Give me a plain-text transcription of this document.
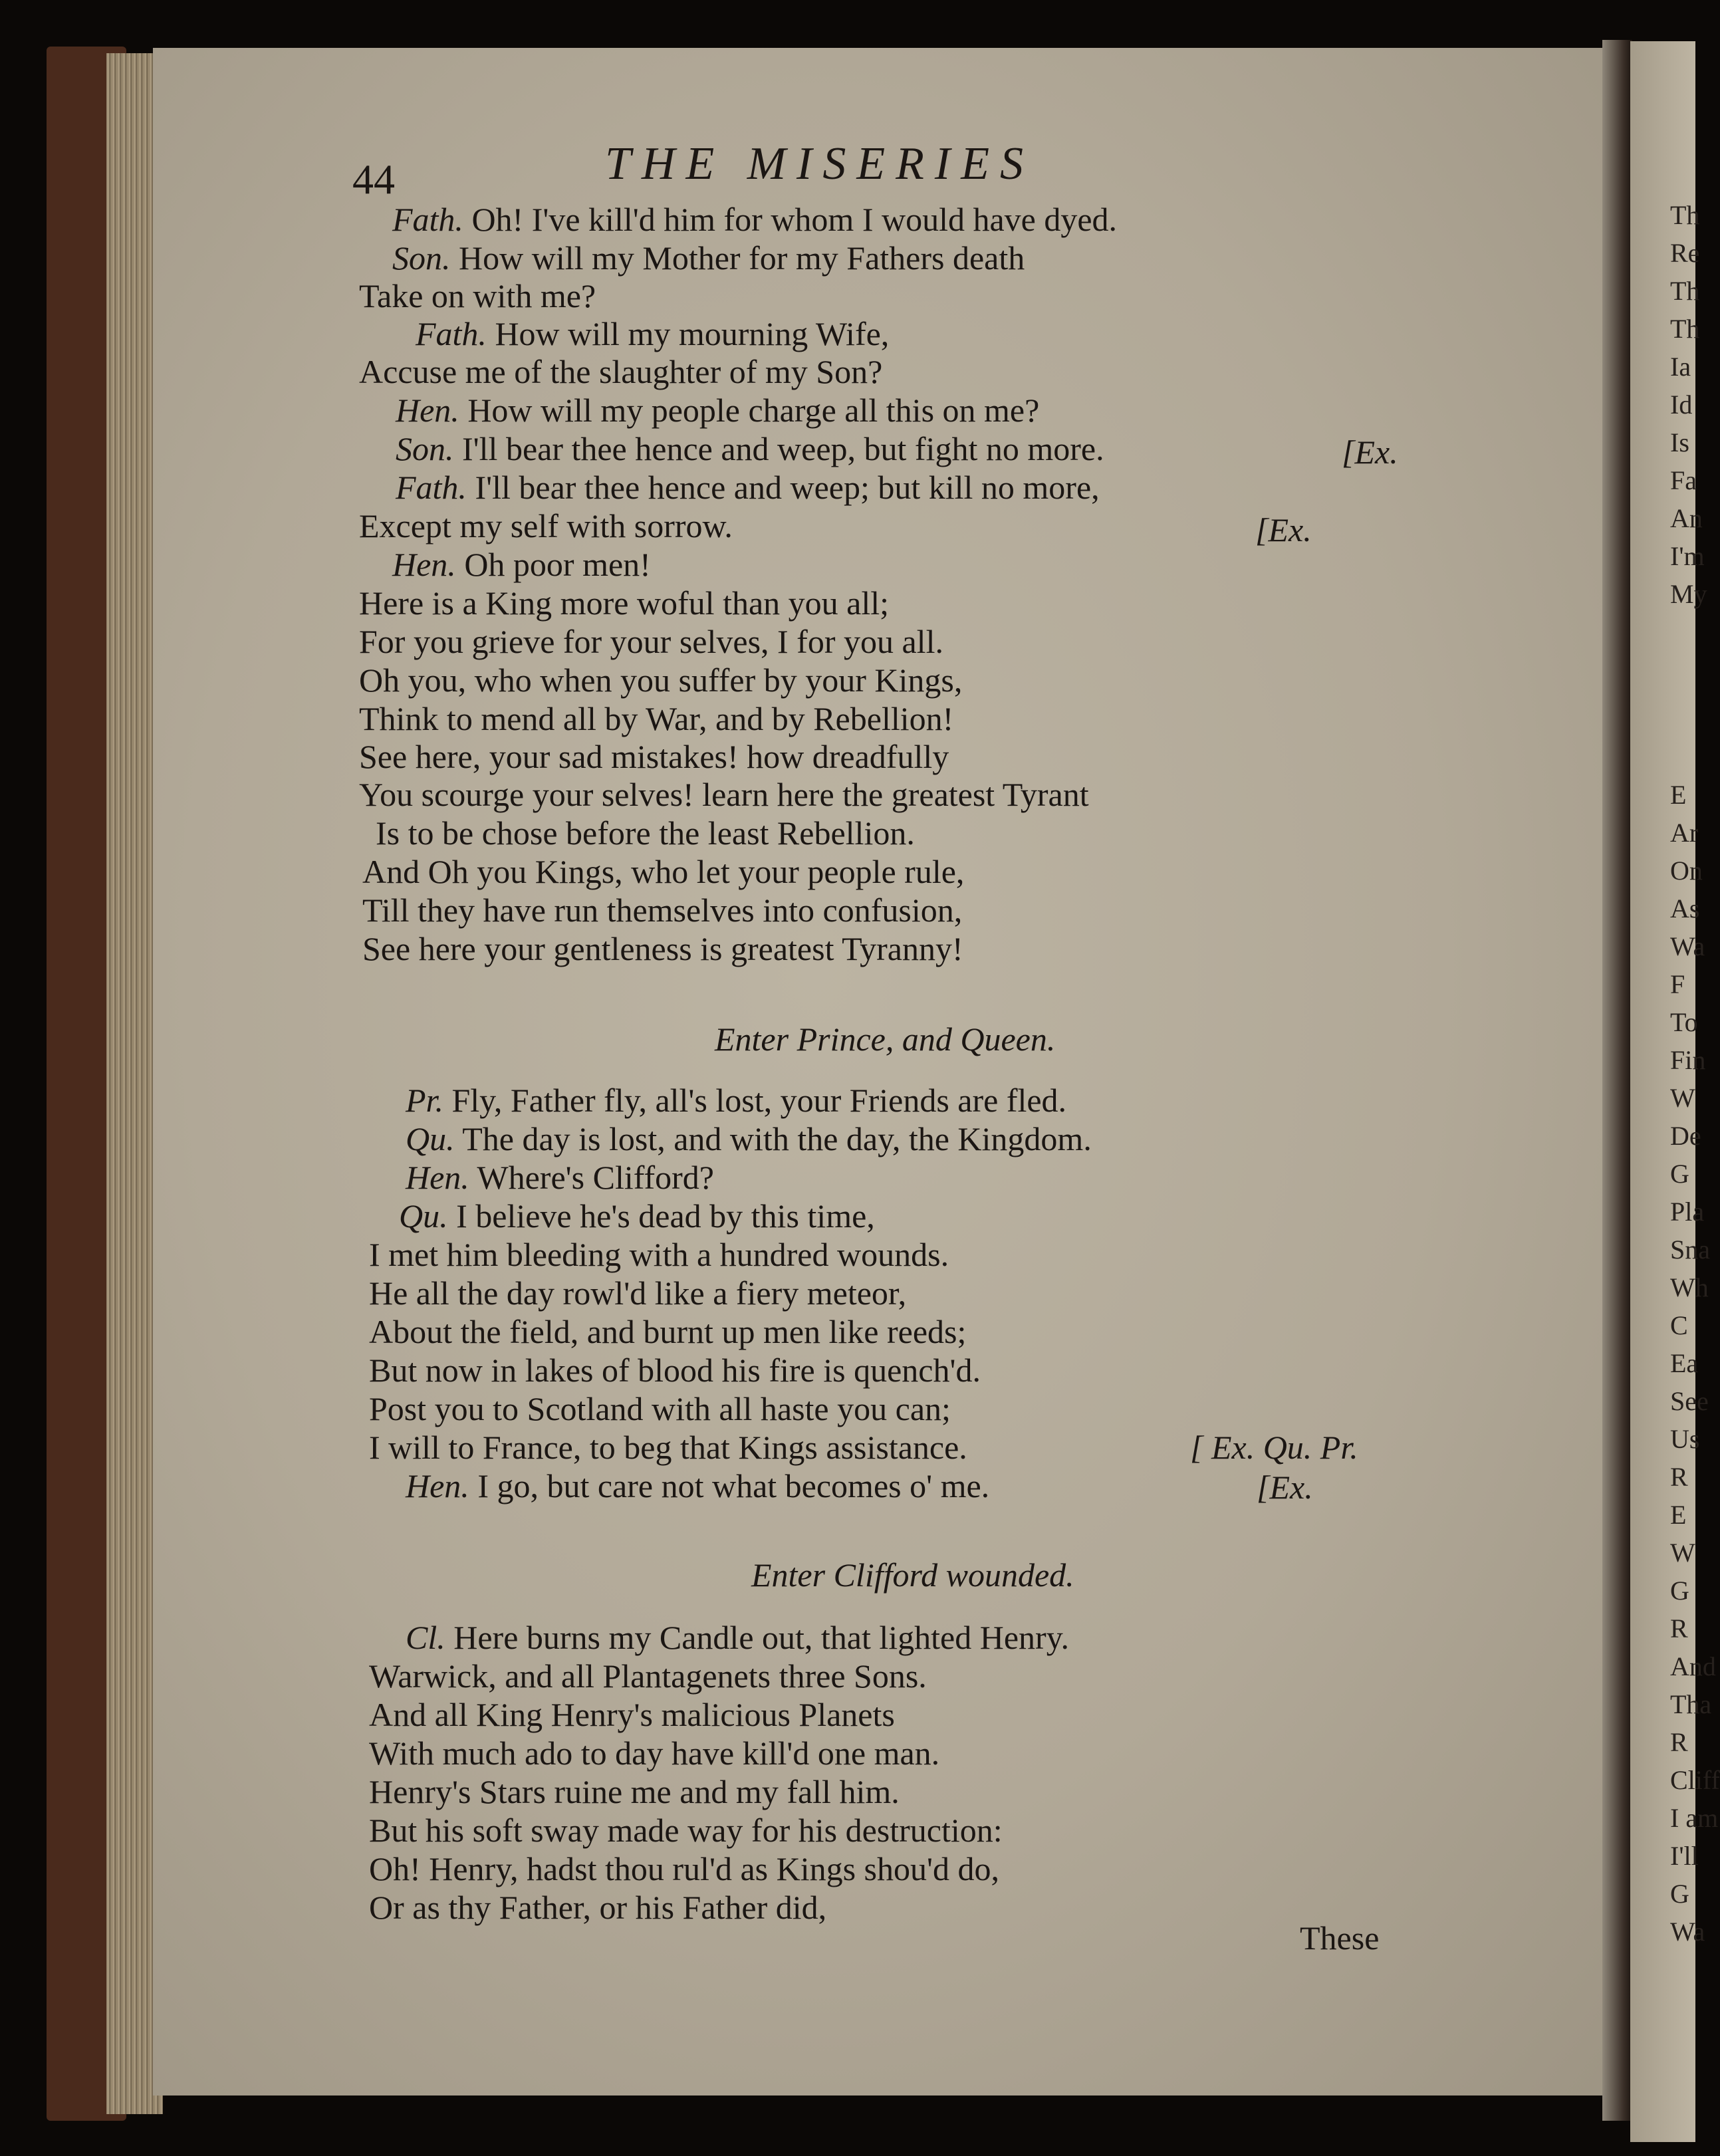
Th
Re
Th
Th
Ia
Id
Is
Fa
An
I'm
My
E
Ar
On
As
Wa
F
To
Fin
W
De
G
Pla
Sna
Wh
C
Ea
See
Us
R
E
W
G
R
And
Tha
R
Cliff
I am
I'll
G
Wa
44	THE MISERIES
Fath. Oh! I've kill'd him for whom I would have dyed.
Son. How will my Mother for my Fathers death
Take on with me?
Fath. How will my mourning Wife,
Accuse me of the slaughter of my Son?
Hen. How will my people charge all this on me?
Son. I'll bear thee hence and weep, but fight no more.	[Ex.
Fath. I'll bear thee hence and weep; but kill no more,
Except my self with sorrow.	[Ex.
Hen. Oh poor men!
Here is a King more woful than you all;
For you grieve for your selves, I for you all.
Oh you, who when you suffer by your Kings,
Think to mend all by War, and by Rebellion!
See here, your sad mistakes! how dreadfully
You scourge your selves! learn here the greatest Tyrant
Is to be chose before the least Rebellion.
And Oh you Kings, who let your people rule,
Till they have run themselves into confusion,
See here your gentleness is greatest Tyranny!
Enter Prince, and Queen.
Pr. Fly, Father fly, all's lost, your Friends are fled.
Qu. The day is lost, and with the day, the Kingdom.
Hen. Where's Clifford?
Qu. I believe he's dead by this time,
I met him bleeding with a hundred wounds.
He all the day rowl'd like a fiery meteor,
About the field, and burnt up men like reeds;
But now in lakes of blood his fire is quench'd.
Post you to Scotland with all haste you can;
I will to France, to beg that Kings assistance.	[ Ex. Qu. Pr.
Hen. I go, but care not what becomes o' me.	[Ex.
Enter Clifford wounded.
Cl. Here burns my Candle out, that lighted Henry.
Warwick, and all Plantagenets three Sons.
And all King Henry's malicious Planets
With much ado to day have kill'd one man.
Henry's Stars ruine me and my fall him.
But his soft sway made way for his destruction:
Oh! Henry, hadst thou rul'd as Kings shou'd do,
Or as thy Father, or his Father did,
These
